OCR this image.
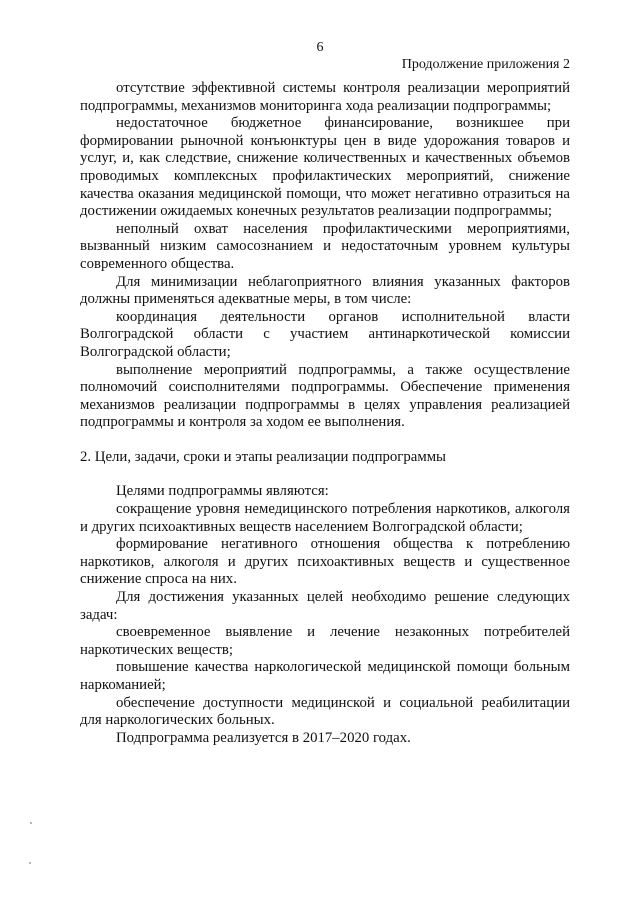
6
Продолжение приложения 2

отсутствие эффективной системы контроля реализации мероприятий подпрограммы, механизмов мониторинга хода реализации подпрограммы;

недостаточное бюджетное финансирование, возникшее при формировании рыночной конъюнктуры цен в виде удорожания товаров и услуг, и, как следствие, снижение количественных и качественных объемов проводимых комплексных профилактических мероприятий, снижение качества оказания медицинской помощи, что может негативно отразиться на достижении ожидаемых конечных результатов реализации подпрограммы;

неполный охват населения профилактическими мероприятиями, вызванный низким самосознанием и недостаточным уровнем культуры современного общества.

Для минимизации неблагоприятного влияния указанных факторов должны применяться адекватные меры, в том числе:

координация деятельности органов исполнительной власти Волгоградской области с участием антинаркотической комиссии Волгоградской области;

выполнение мероприятий подпрограммы, а также осуществление полномочий соисполнителями подпрограммы. Обеспечение применения механизмов реализации подпрограммы в целях управления реализацией подпрограммы и контроля за ходом ее выполнения.

2. Цели, задачи, сроки и этапы реализации подпрограммы

Целями подпрограммы являются:

сокращение уровня немедицинского потребления наркотиков, алкоголя и других психоактивных веществ населением Волгоградской области;

формирование негативного отношения общества к потреблению наркотиков, алкоголя и других психоактивных веществ и существенное снижение спроса на них.

Для достижения указанных целей необходимо решение следующих задач:

своевременное выявление и лечение незаконных потребителей наркотических веществ;

повышение качества наркологической медицинской помощи больным наркоманией;

обеспечение доступности медицинской и социальной реабилитации для наркологических больных.

Подпрограмма реализуется в 2017–2020 годах.
